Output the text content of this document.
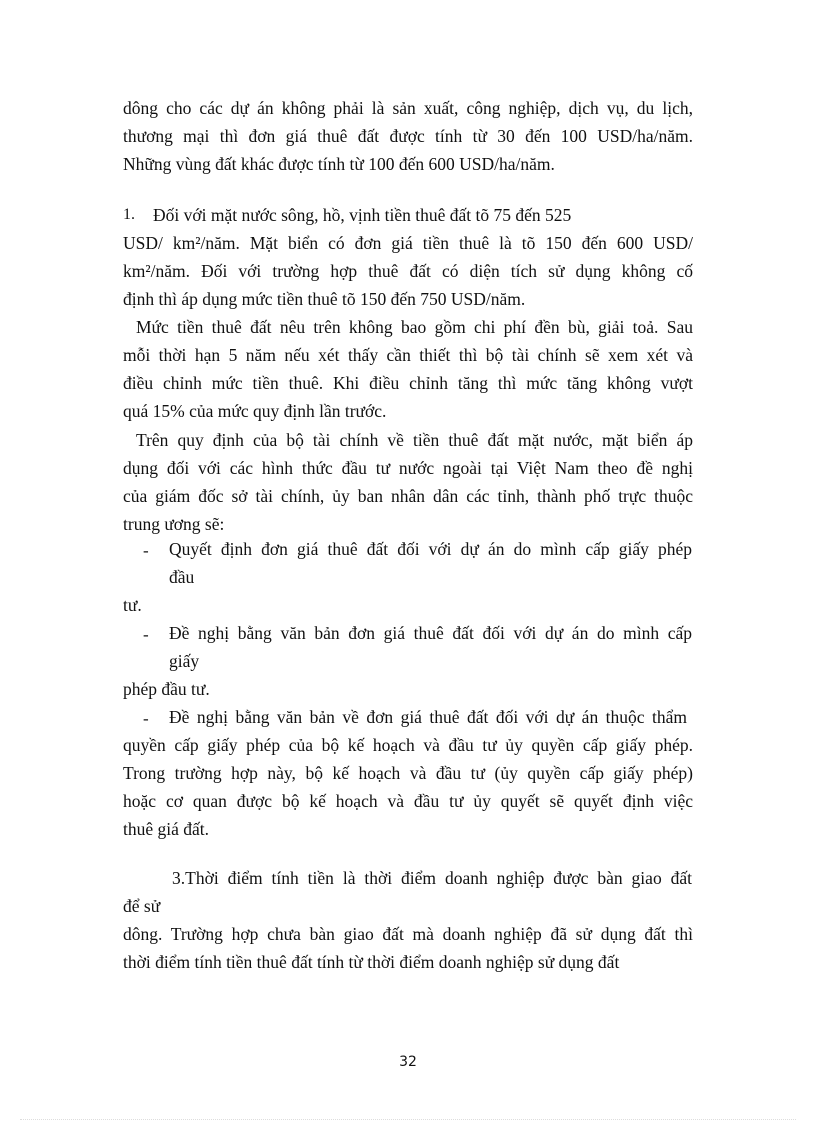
dông cho các dự án không phải là sản xuất, công nghiệp, dịch vụ, du lịch,
thương mại thì đơn giá thuê đất được tính từ 30 đến 100 USD/ha/năm.
Những vùng đất khác được tính từ 100 đến 600 USD/ha/năm.
1. Đối với mặt nước sông, hồ, vịnh tiền thuê đất tõ 75 đến 525
USD/ km²/năm. Mặt biển có đơn giá tiền thuê là tõ 150 đến 600 USD/
km²/năm. Đối với trường hợp thuê đất có diện tích sử dụng không cố
định thì áp dụng mức tiền thuê tõ 150 đến 750 USD/năm.
Mức tiền thuê đất nêu trên không bao gồm chi phí đền bù, giải toả. Sau
mỗi thời hạn 5 năm nếu xét thấy cần thiết thì bộ tài chính sẽ xem xét và
điều chỉnh mức tiền thuê. Khi điều chỉnh tăng thì mức tăng không vượt
quá 15% của mức quy định lần trước.
Trên quy định của bộ tài chính về tiền thuê đất mặt nước, mặt biển áp
dụng đối với các hình thức đầu tư nước ngoài tại Việt Nam theo đề nghị
của giám đốc sở tài chính, ủy ban nhân dân các tỉnh, thành phố trực thuộc
trung ương sẽ:
- Quyết định đơn giá thuê đất đối với dự án do mình cấp giấy phép
đầu
tư.
- Đề nghị bằng văn bản đơn giá thuê đất đối với dự án do mình cấp
giấy
phép đầu tư.
- Đề nghị bằng văn bản về đơn giá thuê đất đối với dự án thuộc thẩm
quyền cấp giấy phép của bộ kế hoạch và đầu tư ủy quyền cấp giấy phép.
Trong trường hợp này, bộ kế hoạch và đầu tư (ủy quyền cấp giấy phép)
hoặc cơ quan được bộ kế hoạch và đầu tư ủy quyết sẽ quyết định việc
thuê giá đất.
3.Thời điểm tính tiền là thời điểm doanh nghiệp được bàn giao đất
để sử
dông. Trường hợp chưa bàn giao đất mà doanh nghiệp đã sử dụng đất thì
thời điểm tính tiền thuê đất tính từ thời điểm doanh nghiệp sử dụng đất
32
